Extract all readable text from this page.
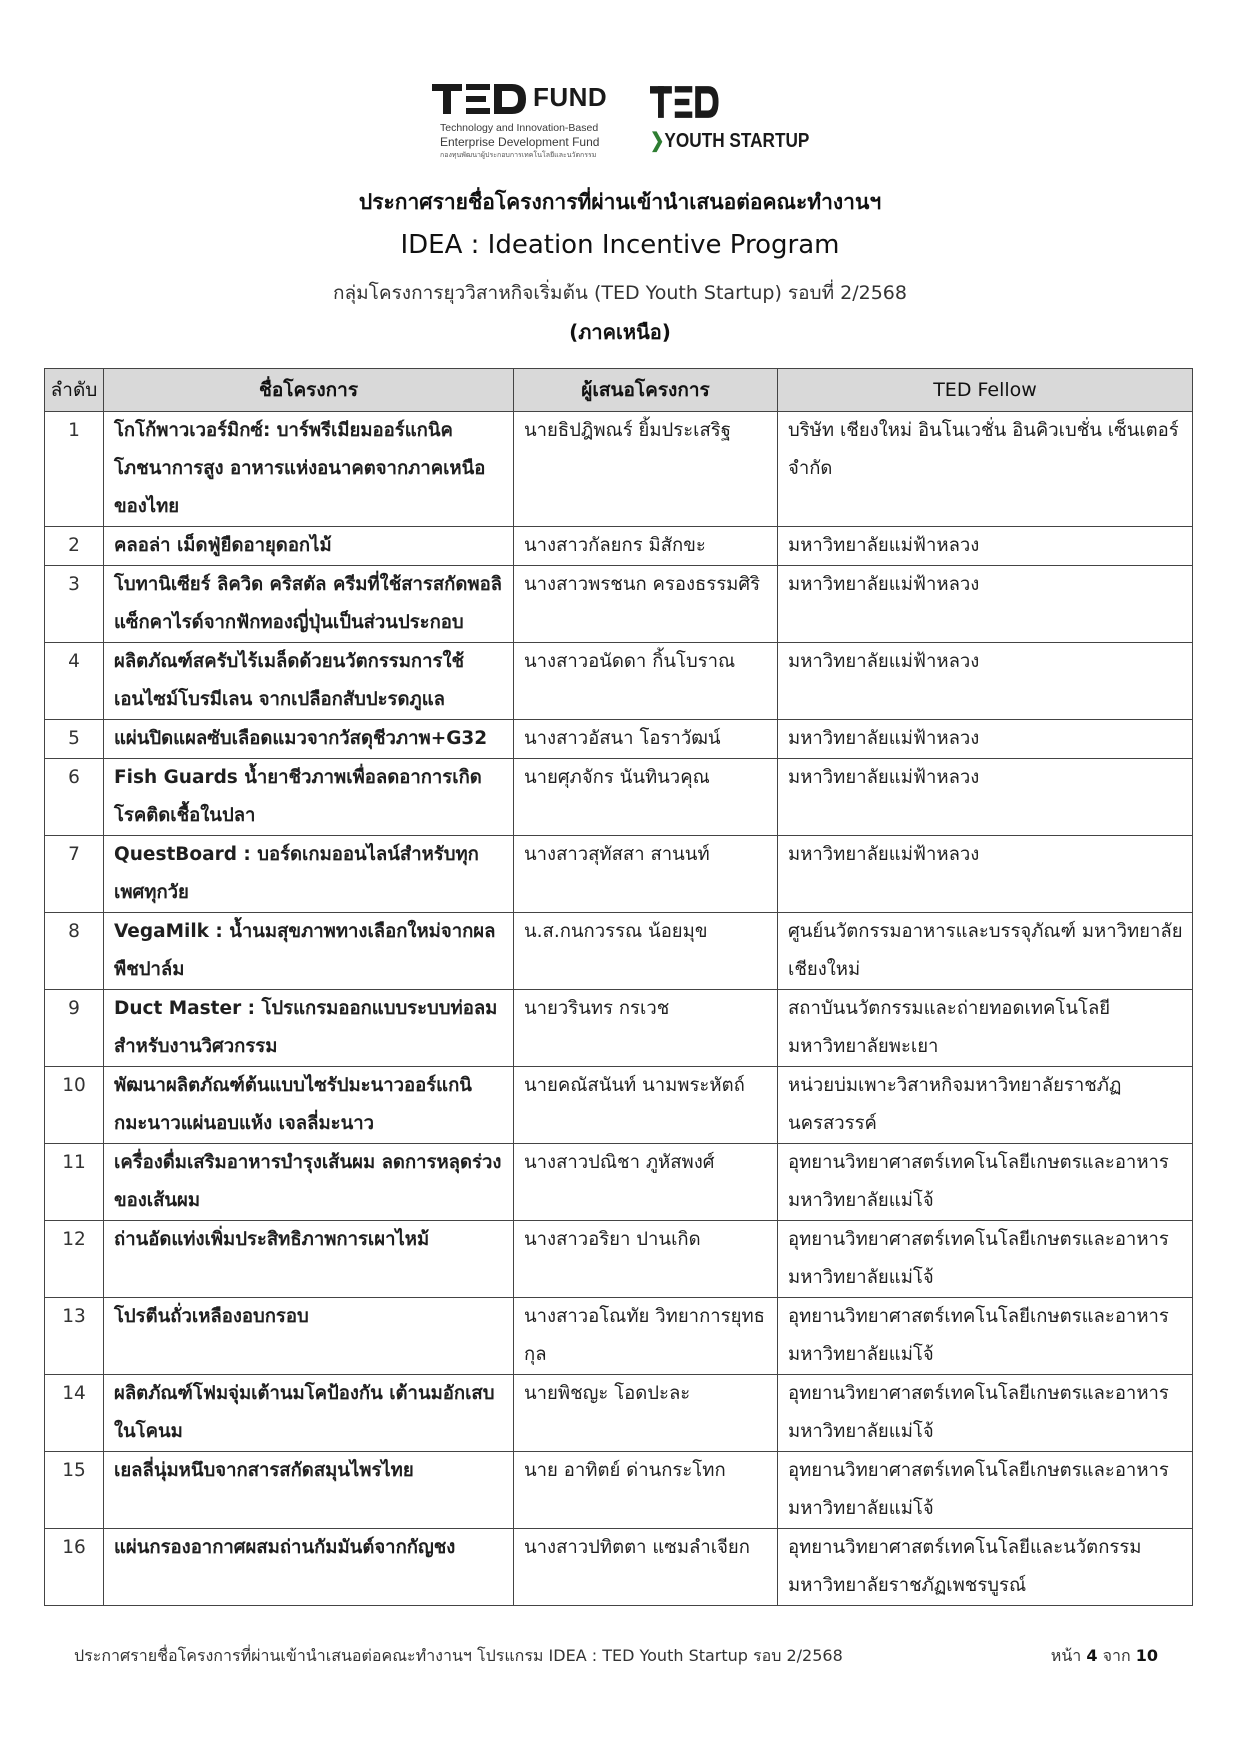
FUND
Technology and Innovation-Based
Enterprise Development Fund
กองทุนพัฒนาผู้ประกอบการเทคโนโลยีและนวัตกรรม
❯YOUTH STARTUP
ประกาศรายชื่อโครงการที่ผ่านเข้านำเสนอต่อคณะทำงานฯ
IDEA : Ideation Incentive Program
กลุ่มโครงการยุววิสาหกิจเริ่มต้น (TED Youth Startup) รอบที่ 2/2568
(ภาคเหนือ)
ลำดับ	ชื่อโครงการ	ผู้เสนอโครงการ	TED Fellow
1	โกโก้พาวเวอร์มิกซ์: บาร์พรีเมียมออร์แกนิค โภชนาการสูง อาหารแห่งอนาคตจากภาคเหนือของไทย	นายธิปฎิพณร์ ยิ้มประเสริฐ	บริษัท เชียงใหม่ อินโนเวชั่น อินคิวเบชั่น เซ็นเตอร์ จำกัด
2	คลอล่า เม็ดฟู่ยืดอายุดอกไม้	นางสาวกัลยกร มิสักขะ	มหาวิทยาลัยแม่ฟ้าหลวง
3	โบทานิเซียร์ ลิควิด คริสตัล ครีมที่ใช้สารสกัดพอลิแซ็กคาไรด์จากฟักทองญี่ปุ่นเป็นส่วนประกอบ	นางสาวพรชนก ครองธรรมศิริ	มหาวิทยาลัยแม่ฟ้าหลวง
4	ผลิตภัณฑ์สครับไร้เมล็ดด้วยนวัตกรรมการใช้เอนไซม์โบรมีเลน จากเปลือกสับปะรดภูแล	นางสาวอนัดดา กิ้นโบราณ	มหาวิทยาลัยแม่ฟ้าหลวง
5	แผ่นปิดแผลซับเลือดแมวจากวัสดุชีวภาพ+G32	นางสาวอัสนา โอราวัฒน์	มหาวิทยาลัยแม่ฟ้าหลวง
6	Fish Guards น้ำยาชีวภาพเพื่อลดอาการเกิดโรคติดเชื้อในปลา	นายศุภจักร นันทินวคุณ	มหาวิทยาลัยแม่ฟ้าหลวง
7	QuestBoard : บอร์ดเกมออนไลน์สำหรับทุกเพศทุกวัย	นางสาวสุทัสสา สานนท์	มหาวิทยาลัยแม่ฟ้าหลวง
8	VegaMilk : น้ำนมสุขภาพทางเลือกใหม่จากผลพืชปาล์ม	น.ส.กนกวรรณ น้อยมุข	ศูนย์นวัตกรรมอาหารและบรรจุภัณฑ์ มหาวิทยาลัยเชียงใหม่
9	Duct Master : โปรแกรมออกแบบระบบท่อลมสำหรับงานวิศวกรรม	นายวรินทร กรเวช	สถาบันนวัตกรรมและถ่ายทอดเทคโนโลยี มหาวิทยาลัยพะเยา
10	พัฒนาผลิตภัณฑ์ต้นแบบไซรัปมะนาวออร์แกนิกมะนาวแผ่นอบแห้ง เจลลี่มะนาว	นายคณัสนันท์ นามพระหัตถ์	หน่วยบ่มเพาะวิสาหกิจมหาวิทยาลัยราชภัฏนครสวรรค์
11	เครื่องดื่มเสริมอาหารบำรุงเส้นผม ลดการหลุดร่วงของเส้นผม	นางสาวปณิชา ภูหัสพงศ์	อุทยานวิทยาศาสตร์เทคโนโลยีเกษตรและอาหาร มหาวิทยาลัยแม่โจ้
12	ถ่านอัดแท่งเพิ่มประสิทธิภาพการเผาไหม้	นางสาวอริยา ปานเกิด	อุทยานวิทยาศาสตร์เทคโนโลยีเกษตรและอาหาร มหาวิทยาลัยแม่โจ้
13	โปรตีนถั่วเหลืองอบกรอบ	นางสาวอโณทัย วิทยาการยุทธกุล	อุทยานวิทยาศาสตร์เทคโนโลยีเกษตรและอาหาร มหาวิทยาลัยแม่โจ้
14	ผลิตภัณฑ์โฟมจุ่มเต้านมโคป้องกัน เต้านมอักเสบในโคนม	นายพิชญะ โอดปะละ	อุทยานวิทยาศาสตร์เทคโนโลยีเกษตรและอาหาร มหาวิทยาลัยแม่โจ้
15	เยลลี่นุ่มหนึบจากสารสกัดสมุนไพรไทย	นาย อาทิตย์ ด่านกระโทก	อุทยานวิทยาศาสตร์เทคโนโลยีเกษตรและอาหาร มหาวิทยาลัยแม่โจ้
16	แผ่นกรองอากาศผสมถ่านกัมมันต์จากกัญชง	นางสาวปทิตตา แซมลำเจียก	อุทยานวิทยาศาสตร์เทคโนโลยีและนวัตกรรม มหาวิทยาลัยราชภัฏเพชรบูรณ์
ประกาศรายชื่อโครงการที่ผ่านเข้านำเสนอต่อคณะทำงานฯ โปรแกรม IDEA : TED Youth Startup รอบ 2/2568	หน้า 4 จาก 10
